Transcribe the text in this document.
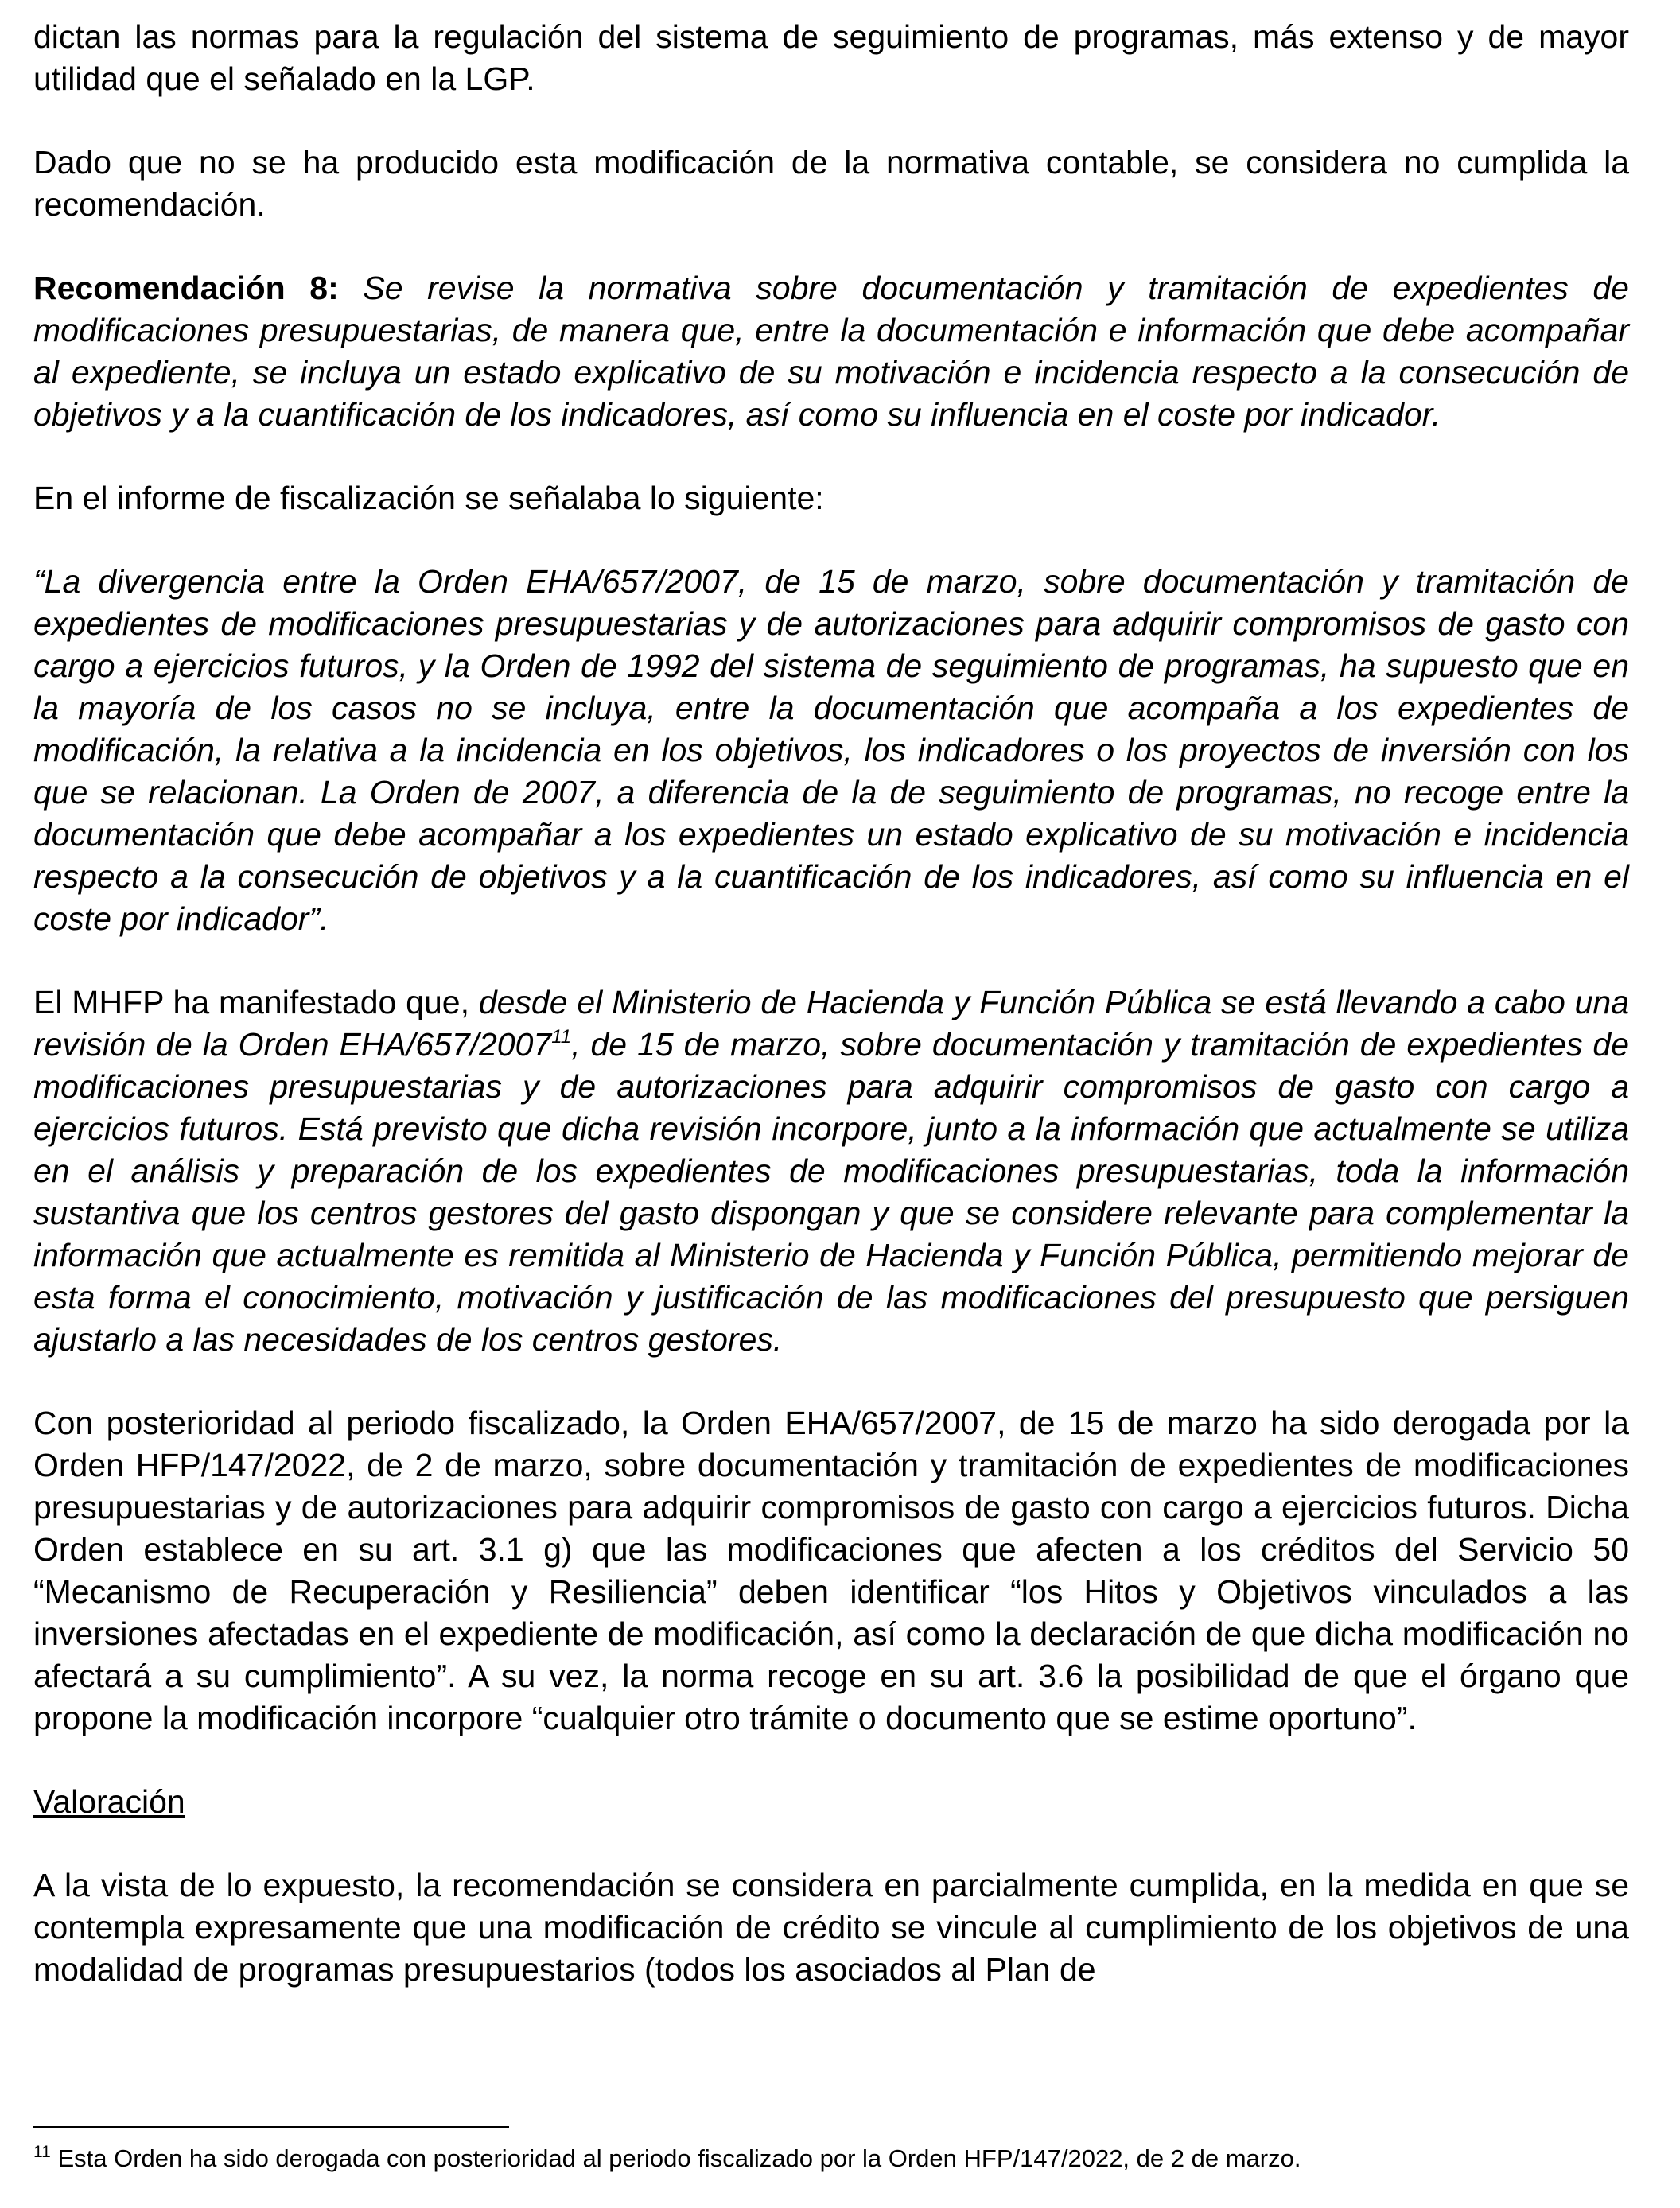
dictan las normas para la regulación del sistema de seguimiento de programas, más extenso y de mayor utilidad que el señalado en la LGP.

Dado que no se ha producido esta modificación de la normativa contable, se considera no cumplida la recomendación.

Recomendación 8: Se revise la normativa sobre documentación y tramitación de expedientes de modificaciones presupuestarias, de manera que, entre la documentación e información que debe acompañar al expediente, se incluya un estado explicativo de su motivación e incidencia respecto a la consecución de objetivos y a la cuantificación de los indicadores, así como su influencia en el coste por indicador.

En el informe de fiscalización se señalaba lo siguiente:

“La divergencia entre la Orden EHA/657/2007, de 15 de marzo, sobre documentación y tramitación de expedientes de modificaciones presupuestarias y de autorizaciones para adquirir compromisos de gasto con cargo a ejercicios futuros, y la Orden de 1992 del sistema de seguimiento de programas, ha supuesto que en la mayoría de los casos no se incluya, entre la documentación que acompaña a los expedientes de modificación, la relativa a la incidencia en los objetivos, los indicadores o los proyectos de inversión con los que se relacionan. La Orden de 2007, a diferencia de la de seguimiento de programas, no recoge entre la documentación que debe acompañar a los expedientes un estado explicativo de su motivación e incidencia respecto a la consecución de objetivos y a la cuantificación de los indicadores, así como su influencia en el coste por indicador”.

El MHFP ha manifestado que, desde el Ministerio de Hacienda y Función Pública se está llevando a cabo una revisión de la Orden EHA/657/2007$^{11}$, de 15 de marzo, sobre documentación y tramitación de expedientes de modificaciones presupuestarias y de autorizaciones para adquirir compromisos de gasto con cargo a ejercicios futuros. Está previsto que dicha revisión incorpore, junto a la información que actualmente se utiliza en el análisis y preparación de los expedientes de modificaciones presupuestarias, toda la información sustantiva que los centros gestores del gasto dispongan y que se considere relevante para complementar la información que actualmente es remitida al Ministerio de Hacienda y Función Pública, permitiendo mejorar de esta forma el conocimiento, motivación y justificación de las modificaciones del presupuesto que persiguen ajustarlo a las necesidades de los centros gestores.

Con posterioridad al periodo fiscalizado, la Orden EHA/657/2007, de 15 de marzo ha sido derogada por la Orden HFP/147/2022, de 2 de marzo, sobre documentación y tramitación de expedientes de modificaciones presupuestarias y de autorizaciones para adquirir compromisos de gasto con cargo a ejercicios futuros. Dicha Orden establece en su art. 3.1 g) que las modificaciones que afecten a los créditos del Servicio 50 “Mecanismo de Recuperación y Resiliencia” deben identificar “los Hitos y Objetivos vinculados a las inversiones afectadas en el expediente de modificación, así como la declaración de que dicha modificación no afectará a su cumplimiento”. A su vez, la norma recoge en su art. 3.6 la posibilidad de que el órgano que propone la modificación incorpore “cualquier otro trámite o documento que se estime oportuno”.

Valoración

A la vista de lo expuesto, la recomendación se considera en parcialmente cumplida, en la medida en que se contempla expresamente que una modificación de crédito se vincule al cumplimiento de los objetivos de una modalidad de programas presupuestarios (todos los asociados al Plan de

$^{11}$ Esta Orden ha sido derogada con posterioridad al periodo fiscalizado por la Orden HFP/147/2022, de 2 de marzo.
